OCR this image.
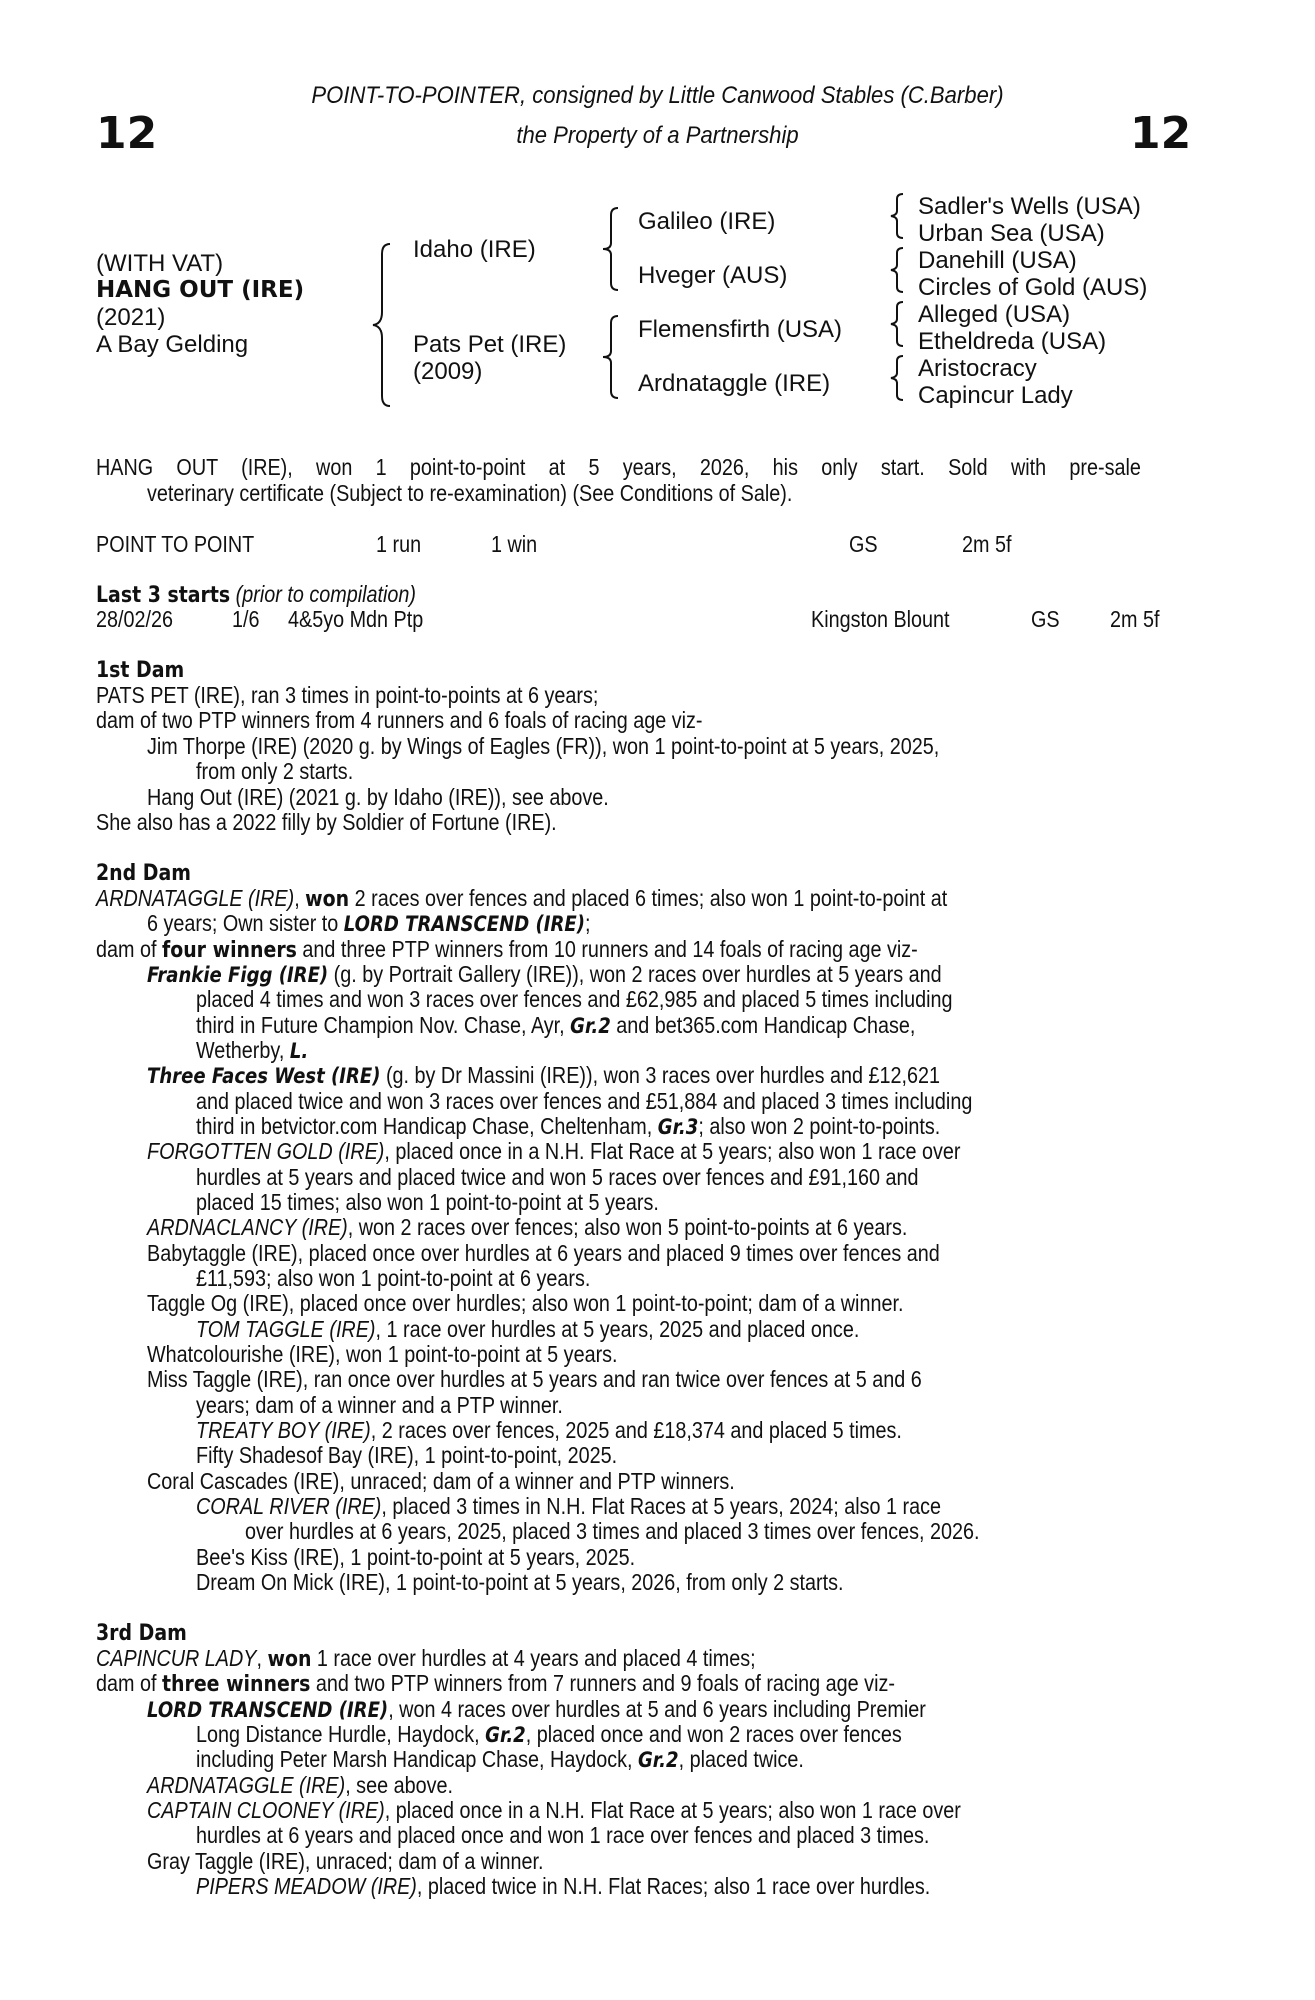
POINT-TO-POINTER, consigned by Little Canwood Stables (C.Barber)
the Property of a Partnership
12	12
(WITH VAT)
HANG OUT (IRE)
(2021)
A Bay Gelding
Idaho (IRE)
Pats Pet (IRE)
(2009)
Galileo (IRE)
Hveger (AUS)
Flemensfirth (USA)
Ardnataggle (IRE)
Sadler's Wells (USA)
Urban Sea (USA)
Danehill (USA)
Circles of Gold (AUS)
Alleged (USA)
Etheldreda (USA)
Aristocracy
Capincur Lady
HANG OUT (IRE), won 1 point-to-point at 5 years, 2026, his only start. Sold with pre-sale
veterinary certificate (Subject to re-examination) (See Conditions of Sale).
POINT TO POINT	1 run	1 win	GS	2m 5f
Last 3 starts (prior to compilation)
28/02/26	1/6 4&5yo Mdn Ptp	Kingston Blount	GS 2m 5f
1st Dam
PATS PET (IRE), ran 3 times in point-to-points at 6 years;
dam of two PTP winners from 4 runners and 6 foals of racing age viz-
Jim Thorpe (IRE) (2020 g. by Wings of Eagles (FR)), won 1 point-to-point at 5 years, 2025,
from only 2 starts.
Hang Out (IRE) (2021 g. by Idaho (IRE)), see above.
She also has a 2022 filly by Soldier of Fortune (IRE).
2nd Dam
ARDNATAGGLE (IRE), won 2 races over fences and placed 6 times; also won 1 point-to-point at
6 years; Own sister to LORD TRANSCEND (IRE);
dam of four winners and three PTP winners from 10 runners and 14 foals of racing age viz-
Frankie Figg (IRE) (g. by Portrait Gallery (IRE)), won 2 races over hurdles at 5 years and
placed 4 times and won 3 races over fences and £62,985 and placed 5 times including
third in Future Champion Nov. Chase, Ayr, Gr.2 and bet365.com Handicap Chase,
Wetherby, L.
Three Faces West (IRE) (g. by Dr Massini (IRE)), won 3 races over hurdles and £12,621
and placed twice and won 3 races over fences and £51,884 and placed 3 times including
third in betvictor.com Handicap Chase, Cheltenham, Gr.3; also won 2 point-to-points.
FORGOTTEN GOLD (IRE), placed once in a N.H. Flat Race at 5 years; also won 1 race over
hurdles at 5 years and placed twice and won 5 races over fences and £91,160 and
placed 15 times; also won 1 point-to-point at 5 years.
ARDNACLANCY (IRE), won 2 races over fences; also won 5 point-to-points at 6 years.
Babytaggle (IRE), placed once over hurdles at 6 years and placed 9 times over fences and
£11,593; also won 1 point-to-point at 6 years.
Taggle Og (IRE), placed once over hurdles; also won 1 point-to-point; dam of a winner.
TOM TAGGLE (IRE), 1 race over hurdles at 5 years, 2025 and placed once.
Whatcolourishe (IRE), won 1 point-to-point at 5 years.
Miss Taggle (IRE), ran once over hurdles at 5 years and ran twice over fences at 5 and 6
years; dam of a winner and a PTP winner.
TREATY BOY (IRE), 2 races over fences, 2025 and £18,374 and placed 5 times.
Fifty Shadesof Bay (IRE), 1 point-to-point, 2025.
Coral Cascades (IRE), unraced; dam of a winner and PTP winners.
CORAL RIVER (IRE), placed 3 times in N.H. Flat Races at 5 years, 2024; also 1 race
over hurdles at 6 years, 2025, placed 3 times and placed 3 times over fences, 2026.
Bee's Kiss (IRE), 1 point-to-point at 5 years, 2025.
Dream On Mick (IRE), 1 point-to-point at 5 years, 2026, from only 2 starts.
3rd Dam
CAPINCUR LADY, won 1 race over hurdles at 4 years and placed 4 times;
dam of three winners and two PTP winners from 7 runners and 9 foals of racing age viz-
LORD TRANSCEND (IRE), won 4 races over hurdles at 5 and 6 years including Premier
Long Distance Hurdle, Haydock, Gr.2, placed once and won 2 races over fences
including Peter Marsh Handicap Chase, Haydock, Gr.2, placed twice.
ARDNATAGGLE (IRE), see above.
CAPTAIN CLOONEY (IRE), placed once in a N.H. Flat Race at 5 years; also won 1 race over
hurdles at 6 years and placed once and won 1 race over fences and placed 3 times.
Gray Taggle (IRE), unraced; dam of a winner.
PIPERS MEADOW (IRE), placed twice in N.H. Flat Races; also 1 race over hurdles.
